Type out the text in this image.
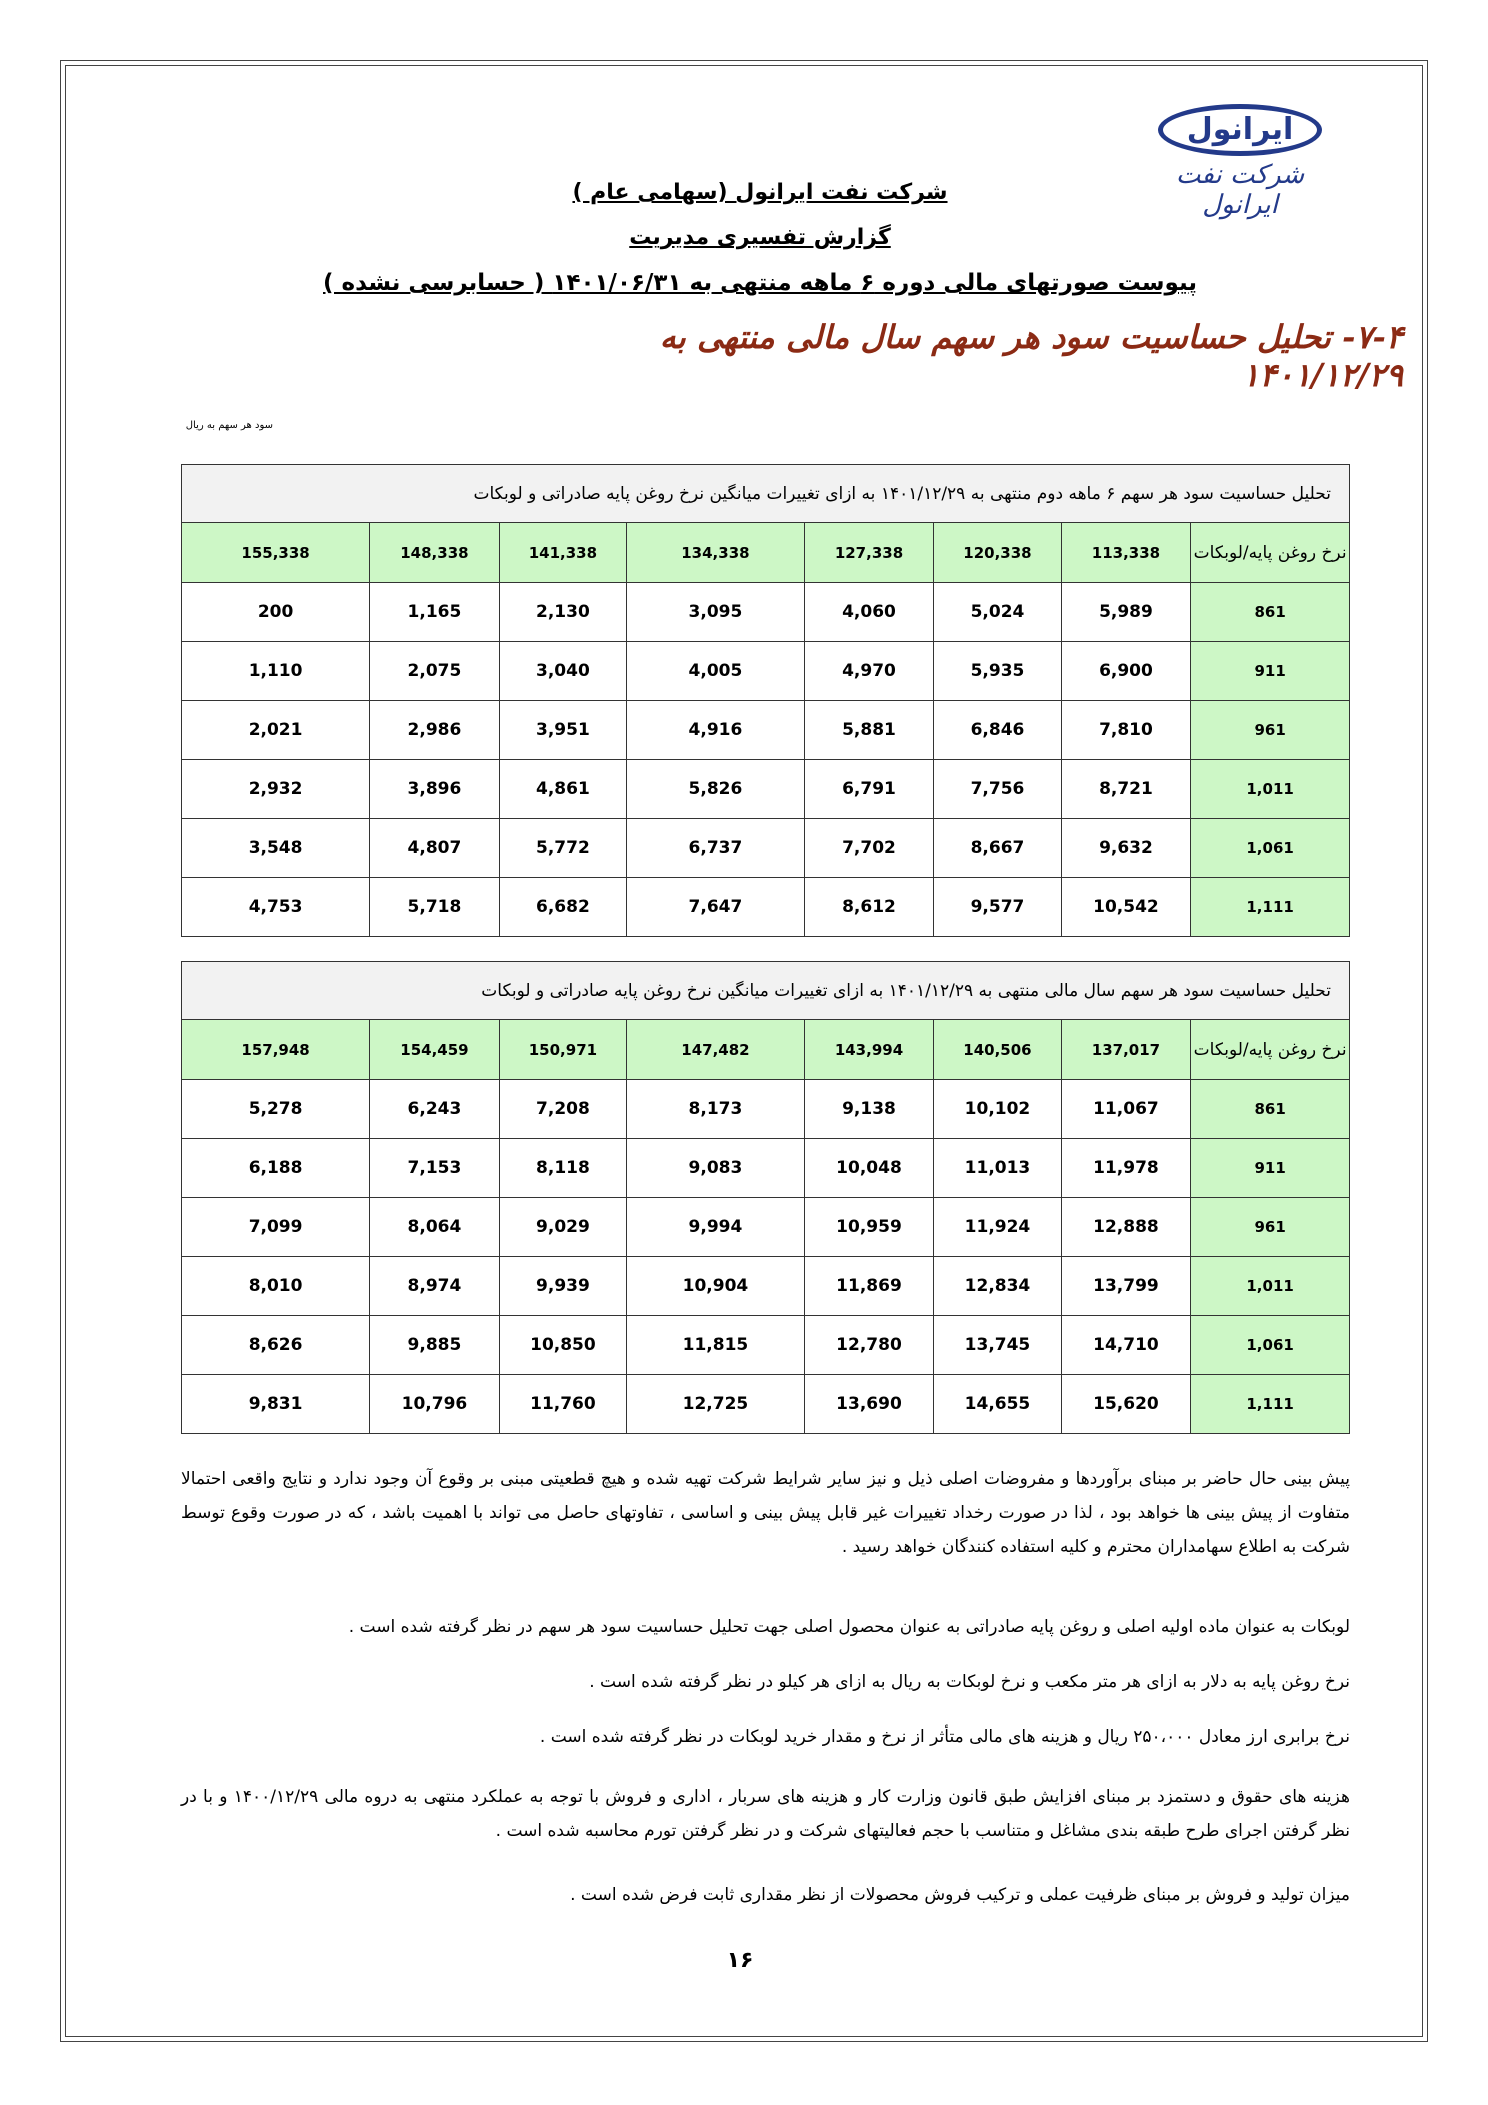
ایرانول
شرکت نفت ایرانول
شرکت نفت ایرانول (سهامی عام )
گزارش تفسیری مدیریت
پیوست صورتهای مالی دوره ۶ ماهه منتهی به ۱۴۰۱/۰۶/۳۱ ( حسابرسی نشده )
۷-۴- تحلیل حساسیت سود هر سهم سال مالی منتهی به ۱۴۰۱/۱۲/۲۹
سود هر سهم به ریال
تحلیل حساسیت سود هر سهم ۶ ماهه دوم منتهی به ۱۴۰۱/۱۲/۲۹ به ازای تغییرات میانگین نرخ روغن پایه صادراتی و لوبکات							
نرخ روغن پایه/لوبکات	113,338	120,338	127,338	134,338	141,338	148,338	155,338
861	5,989	5,024	4,060	3,095	2,130	1,165	200
911	6,900	5,935	4,970	4,005	3,040	2,075	1,110
961	7,810	6,846	5,881	4,916	3,951	2,986	2,021
1,011	8,721	7,756	6,791	5,826	4,861	3,896	2,932
1,061	9,632	8,667	7,702	6,737	5,772	4,807	3,548
1,111	10,542	9,577	8,612	7,647	6,682	5,718	4,753
تحلیل حساسیت سود هر سهم سال مالی منتهی به ۱۴۰۱/۱۲/۲۹ به ازای تغییرات میانگین نرخ روغن پایه صادراتی و لوبکات							
نرخ روغن پایه/لوبکات	137,017	140,506	143,994	147,482	150,971	154,459	157,948
861	11,067	10,102	9,138	8,173	7,208	6,243	5,278
911	11,978	11,013	10,048	9,083	8,118	7,153	6,188
961	12,888	11,924	10,959	9,994	9,029	8,064	7,099
1,011	13,799	12,834	11,869	10,904	9,939	8,974	8,010
1,061	14,710	13,745	12,780	11,815	10,850	9,885	8,626
1,111	15,620	14,655	13,690	12,725	11,760	10,796	9,831
پیش بینی حال حاضر بر مبنای برآوردها و مفروضات اصلی ذیل و نیز سایر شرایط شرکت تهیه شده و هیچ قطعیتی مبنی بر وقوع آن وجود ندارد و نتایج واقعی احتمالا متفاوت از پیش بینی ها خواهد بود ، لذا در صورت رخداد تغییرات غیر قابل پیش بینی و اساسی ، تفاوتهای حاصل می تواند با اهمیت باشد ، که در صورت وقوع توسط شرکت به اطلاع سهامداران محترم و کلیه استفاده کنندگان خواهد رسید .
لوبکات به عنوان ماده اولیه اصلی و روغن پایه صادراتی به عنوان محصول اصلی جهت تحلیل حساسیت سود هر سهم در نظر گرفته شده است .
نرخ روغن پایه به دلار به ازای هر متر مکعب و نرخ لوبکات به ریال به ازای هر کیلو در نظر گرفته شده است .
نرخ برابری ارز معادل ۲۵۰،۰۰۰ ریال و هزینه های مالی متأثر از نرخ و مقدار خرید لوبکات در نظر گرفته شده است .
هزینه های حقوق و دستمزد بر مبنای افزایش طبق قانون وزارت کار و هزینه های سربار ، اداری و فروش با توجه به عملکرد منتهی به دروه مالی ۱۴۰۰/۱۲/۲۹ و با در نظر گرفتن اجرای طرح طبقه بندی مشاغل و متناسب با حجم فعالیتهای شرکت و در نظر گرفتن تورم محاسبه شده است .
میزان تولید و فروش بر مبنای ظرفیت عملی و ترکیب فروش محصولات از نظر مقداری ثابت فرض شده است .
۱۶
